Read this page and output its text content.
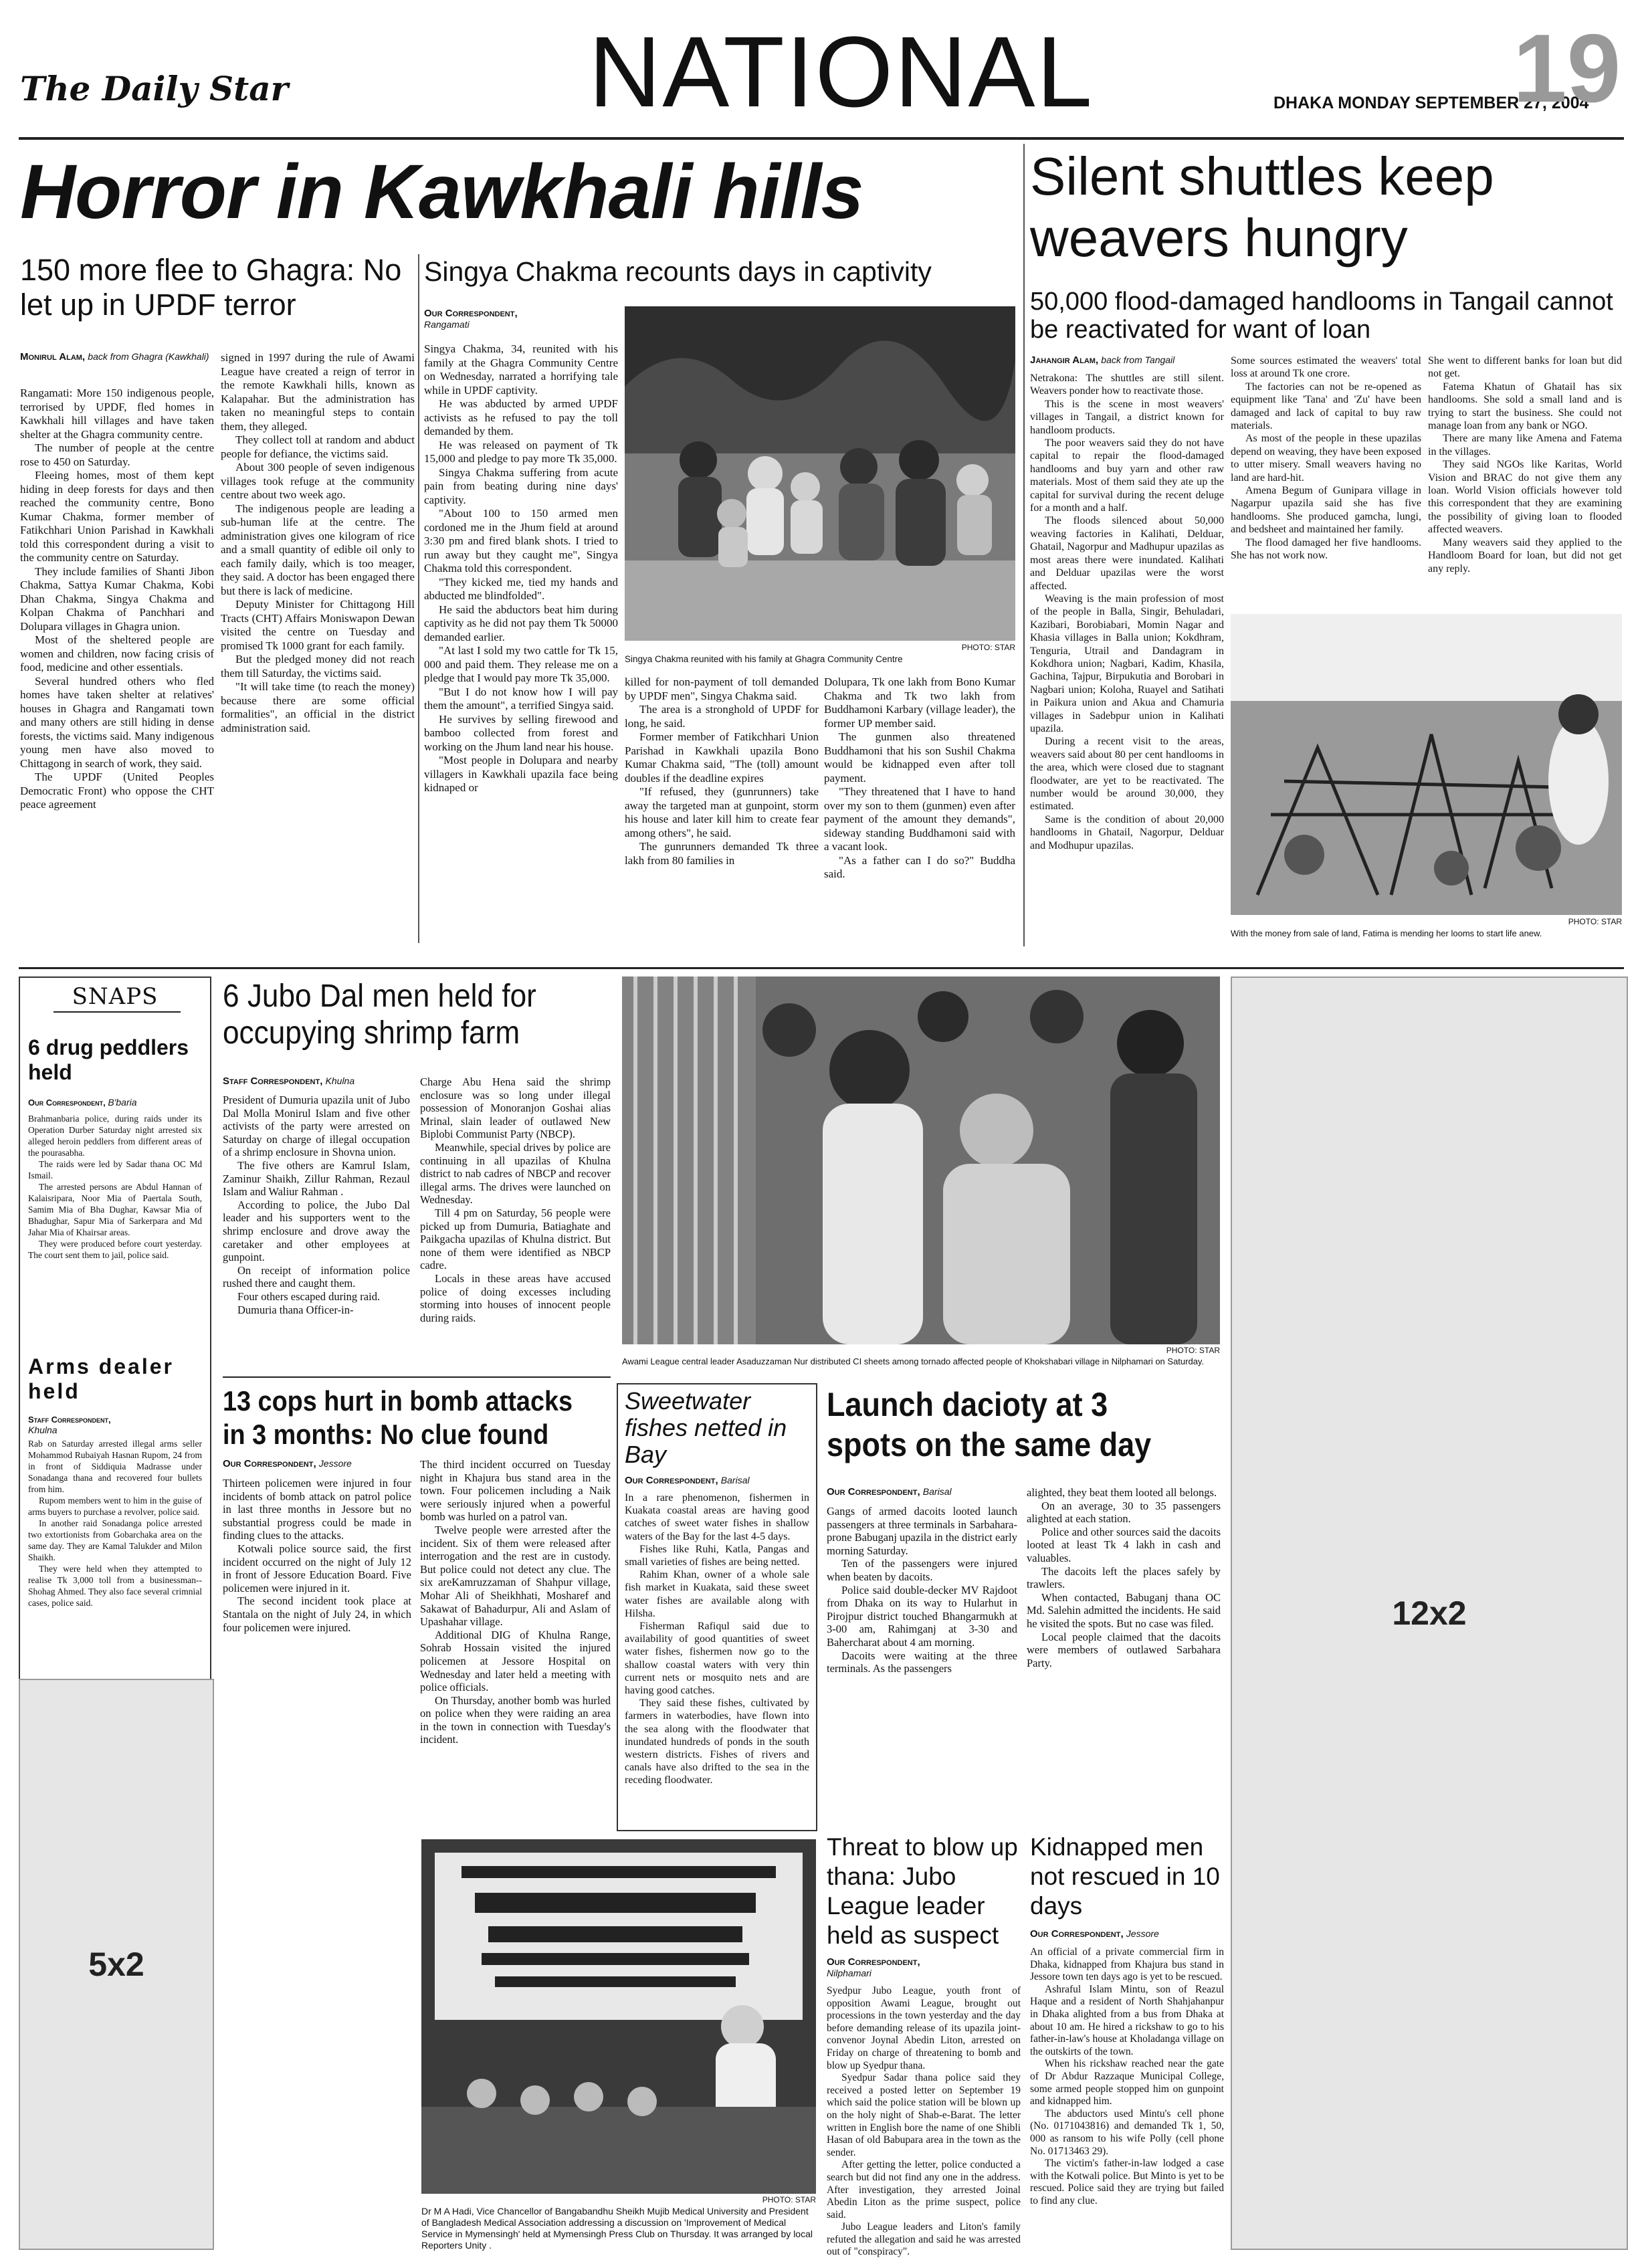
The Daily Star	NATIONAL	DHAKA MONDAY SEPTEMBER 27, 2004
19
Horror in Kawkhali hills
150 more flee to Ghagra: No let up in UPDF terror
Monirul Alam, back from Ghagra (Kawkhali)

Rangamati: More 150 indigenous people, terrorised by UPDF, fled homes in Kawkhali hill villages and have taken shelter at the Ghagra community centre.

The number of people at the centre rose to 450 on Saturday.

Fleeing homes, most of them kept hiding in deep forests for days and then reached the community centre, Bono Kumar Chakma, former member of Fatikchhari Union Parishad in Kawkhali told this correspondent during a visit to the community centre on Saturday.

They include families of Shanti Jibon Chakma, Sattya Kumar Chakma, Kobi Dhan Chakma, Singya Chakma and Kolpan Chakma of Panchhari and Dolupara villages in Ghagra union.

Most of the sheltered people are women and children, now facing crisis of food, medicine and other essentials.

Several hundred others who fled homes have taken shelter at relatives' houses in Ghagra and Rangamati town and many others are still hiding in dense forests, the victims said. Many indigenous young men have also moved to Chittagong in search of work, they said.

The UPDF (United Peoples Democratic Front) who oppose the CHT peace agreement

signed in 1997 during the rule of Awami League have created a reign of terror in the remote Kawkhali hills, known as Kalapahar. But the administration has taken no meaningful steps to contain them, they alleged.

They collect toll at random and abduct people for defiance, the victims said.

About 300 people of seven indigenous villages took refuge at the community centre about two week ago.

The indigenous people are leading a sub-human life at the centre. The administration gives one kilogram of rice and a small quantity of edible oil only to each family daily, which is too meager, they said. A doctor has been engaged there but there is lack of medicine.

Deputy Minister for Chittagong Hill Tracts (CHT) Affairs Moniswapon Dewan visited the centre on Tuesday and promised Tk 1000 grant for each family.

But the pledged money did not reach them till Saturday, the victims said.

"It will take time (to reach the money) because there are some official formalities", an official in the district administration said.

Singya Chakma recounts days in captivity
Our Correspondent,
Rangamati

Singya Chakma, 34, reunited with his family at the Ghagra Community Centre on Wednesday, narrated a horrifying tale while in UPDF captivity.

He was abducted by armed UPDF activists as he refused to pay the toll demanded by them.

He was released on payment of Tk 15,000 and pledge to pay more Tk 35,000.

Singya Chakma suffering from acute pain from beating during nine days' captivity.

"About 100 to 150 armed men cordoned me in the Jhum field at around 3:30 pm and fired blank shots. I tried to run away but they caught me", Singya Chakma told this correspondent.

"They kicked me, tied my hands and abducted me blindfolded".

He said the abductors beat him during captivity as he did not pay them Tk 50000 demanded earlier.

"At last I sold my two cattle for Tk 15, 000 and paid them. They release me on a pledge that I would pay more Tk 35,000.

"But I do not know how I will pay them the amount", a terrified Singya said.

He survives by selling firewood and bamboo collected from forest and working on the Jhum land near his house.

"Most people in Dolupara and nearby villagers in Kawkhali upazila face being kidnaped or

PHOTO: STAR
Singya Chakma reunited with his family at Ghagra Community Centre

killed for non-payment of toll demanded by UPDF men", Singya Chakma said.

The area is a stronghold of UPDF for long, he said.

Former member of Fatikchhari Union Parishad in Kawkhali upazila Bono Kumar Chakma said, "The (toll) amount doubles if the deadline expires

"If refused, they (gunrunners) take away the targeted man at gunpoint, storm his house and later kill him to create fear among others", he said.

The gunrunners demanded Tk three lakh from 80 families in

Dolupara, Tk one lakh from Bono Kumar Chakma and Tk two lakh from Buddhamoni Karbary (village leader), the former UP member said.

The gunmen also threatened Buddhamoni that his son Sushil Chakma would be kidnapped even after toll payment.

"They threatened that I have to hand over my son to them (gunmen) even after payment of the amount they demands", sideway standing Buddhamoni said with a vacant look.

"As a father can I do so?" Buddha said.

Silent shuttles keep weavers hungry
50,000 flood-damaged handlooms in Tangail cannot be reactivated for want of loan
Jahangir Alam, back from Tangail

Netrakona: The shuttles are still silent. Weavers ponder how to reactivate those.

This is the scene in most weavers' villages in Tangail, a district known for handloom products.

The poor weavers said they do not have capital to repair the flood-damaged handlooms and buy yarn and other raw materials. Most of them said they ate up the capital for survival during the recent deluge for a month and a half.

The floods silenced about 50,000 weaving factories in Kalihati, Delduar, Ghatail, Nagorpur and Madhupur upazilas as most areas there were inundated. Kalihati and Delduar upazilas were the worst affected.

Weaving is the main profession of most of the people in Balla, Singir, Behuladari, Kazibari, Borobiabari, Momin Nagar and Khasia villages in Balla union; Kokdhram, Tenguria, Utrail and Dandagram in Kokdhora union; Nagbari, Kadim, Khasila, Gachina, Tajpur, Birpukutia and Borobari in Nagbari union; Koloha, Ruayel and Satihati in Paikura union and Akua and Chamuria villages in Sadebpur union in Kalihati upazila.

During a recent visit to the areas, weavers said about 80 per cent handlooms in the area, which were closed due to stagnant floodwater, are yet to be reactivated. The number would be around 30,000, they estimated.

Same is the condition of about 20,000 handlooms in Ghatail, Nagorpur, Delduar and Modhupur upazilas.

Some sources estimated the weavers' total loss at around Tk one crore.

The factories can not be re-opened as equipment like 'Tana' and 'Zu' have been damaged and lack of capital to buy raw materials.

As most of the people in these upazilas depend on weaving, they have been exposed to utter misery. Small weavers having no land are hard-hit.

Amena Begum of Gunipara village in Nagarpur upazila said she has five handlooms. She produced gamcha, lungi, and bedsheet and maintained her family.

The flood damaged her five handlooms. She has not work now.

She went to different banks for loan but did not get.

Fatema Khatun of Ghatail has six handlooms. She sold a small land and is trying to start the business. She could not manage loan from any bank or NGO.

There are many like Amena and Fatema in the villages.

They said NGOs like Karitas, World Vision and BRAC do not give them any loan. World Vision officials however told this correspondent that they are examining the possibility of giving loan to flooded affected weavers.

Many weavers said they applied to the Handloom Board for loan, but did not get any reply.

PHOTO: STAR
With the money from sale of land, Fatima is mending her looms to start life anew.
SNAPS
6 drug peddlers held
Our Correspondent, B'baria

Brahmanbaria police, during raids under its Operation Durber Saturday night arrested six alleged heroin peddlers from different areas of the pourasabha.

The raids were led by Sadar thana OC Md Ismail.

The arrested persons are Abdul Hannan of Kalaisripara, Noor Mia of Paertala South, Samim Mia of Bha Dughar, Kawsar Mia of Bhadughar, Sapur Mia of Sarkerpara and Md Jahar Mia of Khairsar areas.

They were produced before court yesterday. The court sent them to jail, police said.

Arms dealer held
Staff Correspondent,
Khulna

Rab on Saturday arrested illegal arms seller Mohammod Rubaiyah Hasnan Rupom, 24 from in front of Siddiquia Madrasse under Sonadanga thana and recovered four bullets from him.

Rupom members went to him in the guise of arms buyers to purchase a revolver, police said.

In another raid Sonadanga police arrested two extortionists from Gobarchaka area on the same day. They are Kamal Talukder and Milon Shaikh.

They were held when they attempted to realise Tk 3,000 toll from a businessman-- Shohag Ahmed. They also face several crimnial cases, police said.

5x2
6 Jubo Dal men held for occupying shrimp farm
Staff Correspondent, Khulna

President of Dumuria upazila unit of Jubo Dal Molla Monirul Islam and five other activists of the party were arrested on Saturday on charge of illegal occupation of a shrimp enclosure in Shovna union.

The five others are Kamrul Islam, Zaminur Shaikh, Zillur Rahman, Rezaul Islam and Waliur Rahman .

According to police, the Jubo Dal leader and his supporters went to the shrimp enclosure and drove away the caretaker and other employees at gunpoint.

On receipt of information police rushed there and caught them.

Four others escaped during raid.

Dumuria thana Officer-in-

Charge Abu Hena said the shrimp enclosure was so long under illegal possession of Monoranjon Goshai alias Mrinal, slain leader of outlawed New Biplobi Communist Party (NBCP).

Meanwhile, special drives by police are continuing in all upazilas of Khulna district to nab cadres of NBCP and recover illegal arms. The drives were launched on Wednesday.

Till 4 pm on Saturday, 56 people were picked up from Dumuria, Batiaghate and Paikgacha upazilas of Khulna district. But none of them were identified as NBCP cadre.

Locals in these areas have accused police of doing excesses including storming into houses of innocent people during raids.

PHOTO: STAR
Awami League central leader Asaduzzaman Nur distributed CI sheets among tornado affected people of Khokshabari village in Nilphamari on Saturday.
12x2
13 cops hurt in bomb attacks in 3 months: No clue found
Our Correspondent, Jessore

Thirteen policemen were injured in four incidents of bomb attack on patrol police in last three months in Jessore but no substantial progress could be made in finding clues to the attacks.

Kotwali police source said, the first incident occurred on the night of July 12 in front of Jessore Education Board. Five policemen were injured in it.

The second incident took place at Stantala on the night of July 24, in which four policemen were injured.

The third incident occurred on Tuesday night in Khajura bus stand area in the town. Four policemen including a Naik were seriously injured when a powerful bomb was hurled on a patrol van.

Twelve people were arrested after the incident. Six of them were released after interrogation and the rest are in custody. But police could not detect any clue. The six areKamruzzaman of Shahpur village, Mohar Ali of Sheikhhati, Mosharef and Sakawat of Bahadurpur, Ali and Aslam of Upashahar village.

Additional DIG of Khulna Range, Sohrab Hossain visited the injured policemen at Jessore Hospital on Wednesday and later held a meeting with police officials.

On Thursday, another bomb was hurled on police when they were raiding an area in the town in connection with Tuesday's incident.

Sweetwater fishes netted in Bay
Our Correspondent, Barisal

In a rare phenomenon, fishermen in Kuakata coastal areas are having good catches of sweet water fishes in shallow waters of the Bay for the last 4-5 days.

Fishes like Ruhi, Katla, Pangas and small varieties of fishes are being netted.

Rahim Khan, owner of a whole sale fish market in Kuakata, said these sweet water fishes are available along with Hilsha.

Fisherman Rafiqul said due to availability of good quantities of sweet water fishes, fishermen now go to the shallow coastal waters with very thin current nets or mosquito nets and are having good catches.

They said these fishes, cultivated by farmers in waterbodies, have flown into the sea along with the floodwater that inundated hundreds of ponds in the south western districts. Fishes of rivers and canals have also drifted to the sea in the receding floodwater.

Launch dacioty at 3 spots on the same day
Our Correspondent, Barisal

Gangs of armed dacoits looted launch passengers at three terminals in Sarbahara-prone Babuganj upazila in the district early morning Saturday.

Ten of the passengers were injured when beaten by dacoits.

Police said double-decker MV Rajdoot from Dhaka on its way to Hularhut in Pirojpur district touched Bhangarmukh at 3-00 am, Rahimganj at 3-30 and Bahercharat about 4 am morning.

Dacoits were waiting at the three terminals. As the passengers

alighted, they beat them looted all belongs.

On an average, 30 to 35 passengers alighted at each station.

Police and other sources said the dacoits looted at least Tk 4 lakh in cash and valuables.

The dacoits left the places safely by trawlers.

When contacted, Babuganj thana OC Md. Salehin admitted the incidents. He said he visited the spots. But no case was filed.

Local people claimed that the dacoits were members of outlawed Sarbahara Party.

PHOTO: STAR
Dr M A Hadi, Vice Chancellor of Bangabandhu Sheikh Mujib Medical University and President of Bangladesh Medical Association addressing a discussion on 'Improvement of Medical Service in Mymensingh' held at Mymensingh Press Club on Thursday. It was arranged by local Reporters Unity .
Threat to blow up thana: Jubo League leader held as suspect
Our Correspondent,
Nilphamari

Syedpur Jubo League, youth front of opposition Awami League, brought out processions in the town yesterday and the day before demanding release of its upazila joint-convenor Joynal Abedin Liton, arrested on Friday on charge of threatening to bomb and blow up Syedpur thana.

Syedpur Sadar thana police said they received a posted letter on September 19 which said the police station will be blown up on the holy night of Shab-e-Barat. The letter written in English bore the name of one Shibli Hasan of old Babupara area in the town as the sender.

After getting the letter, police conducted a search but did not find any one in the address. After investigation, they arrested Joinal Abedin Liton as the prime suspect, police said.

Jubo League leaders and Liton's family refuted the allegation and said he was arrested out of "conspiracy".

Kidnapped men not rescued in 10 days
Our Correspondent, Jessore

An official of a private commercial firm in Dhaka, kidnapped from Khajura bus stand in Jessore town ten days ago is yet to be rescued.

Ashraful Islam Mintu, son of Reazul Haque and a resident of North Shahjahanpur in Dhaka alighted from a bus from Dhaka at about 10 am. He hired a rickshaw to go to his father-in-law's house at Kholadanga village on the outskirts of the town.

When his rickshaw reached near the gate of Dr Abdur Razzaque Municipal College, some armed people stopped him on gunpoint and kidnapped him.

The abductors used Mintu's cell phone (No. 0171043816) and demanded Tk 1, 50, 000 as ransom to his wife Polly (cell phone No. 01713463 29).

The victim's father-in-law lodged a case with the Kotwali police. But Minto is yet to be rescued. Police said they are trying but failed to find any clue.
